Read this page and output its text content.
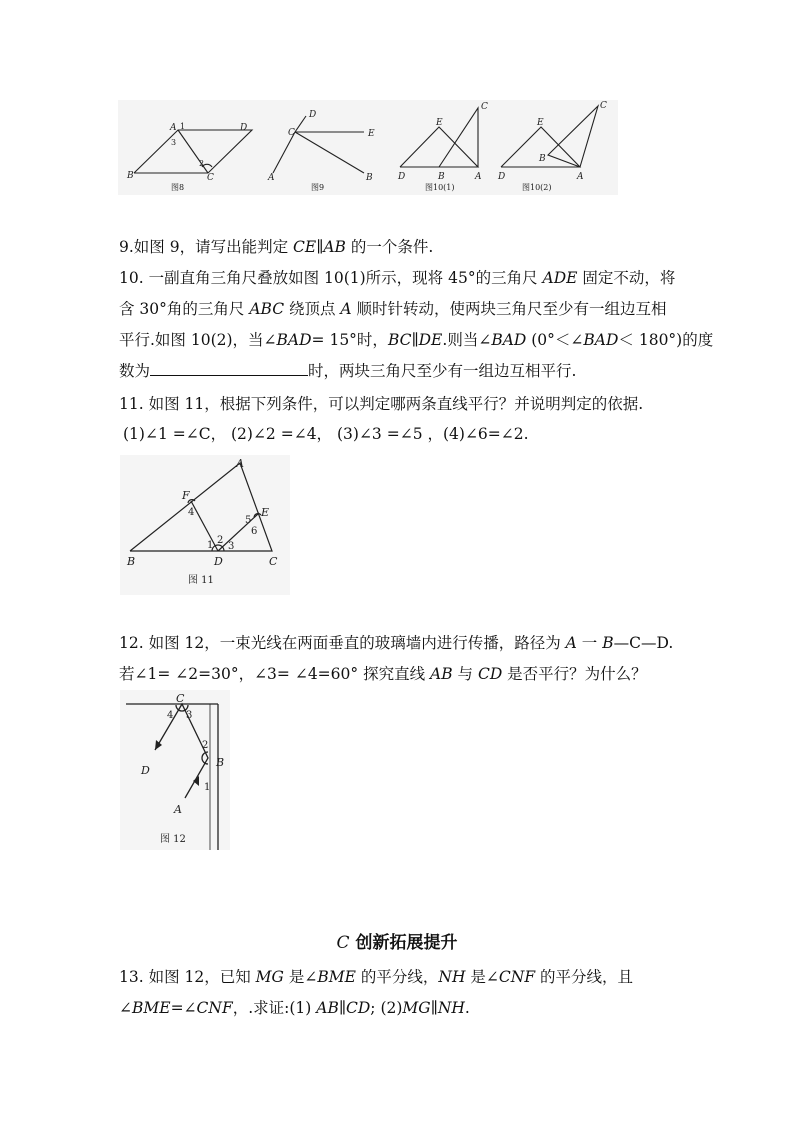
B
A	D
C
1
3
2
图8
A
C
D
E
B
图9
D
E
B	A
C
图10(1)
D
E
B
A
C
图10(2)
9.如图 9，请写出能判定 CE∥AB 的一个条件.
10. 一副直角三角尺叠放如图 10(1)所示，现将 45°的三角尺 ADE 固定不动，将
含 30°角的三角尺 ABC 绕顶点 A 顺时针转动，使两块三角尺至少有一组边互相
平行.如图 10(2)，当∠BAD= 15°时，BC∥DE.则当∠BAD (0°＜∠BAD＜ 180°)的度
数为	时，两块三角尺至少有一组边互相平行.
11. 如图 11，根据下列条件，可以判定哪两条直线平行？并说明判定的依据.
(1)∠1 =∠C， (2)∠2 =∠4， (3)∠3 =∠5 ，(4)∠6=∠2.
A
F
E
B	D	C
4
5
6
1 2
3
图 11
12. 如图 12，一束光线在两面垂直的玻璃墙内进行传播，路径为 A 一 B—C—D.
若∠1= ∠2=30°，∠3= ∠4=60° 探究直线 AB 与 CD 是否平行？为什么？
C
B
D
A
4 3
2
1
图 12
C 创新拓展提升
13. 如图 12，已知 MG 是∠BME 的平分线，NH 是∠CNF 的平分线，且
∠BME=∠CNF，.求证:(1) AB∥CD; (2)MG∥NH.
